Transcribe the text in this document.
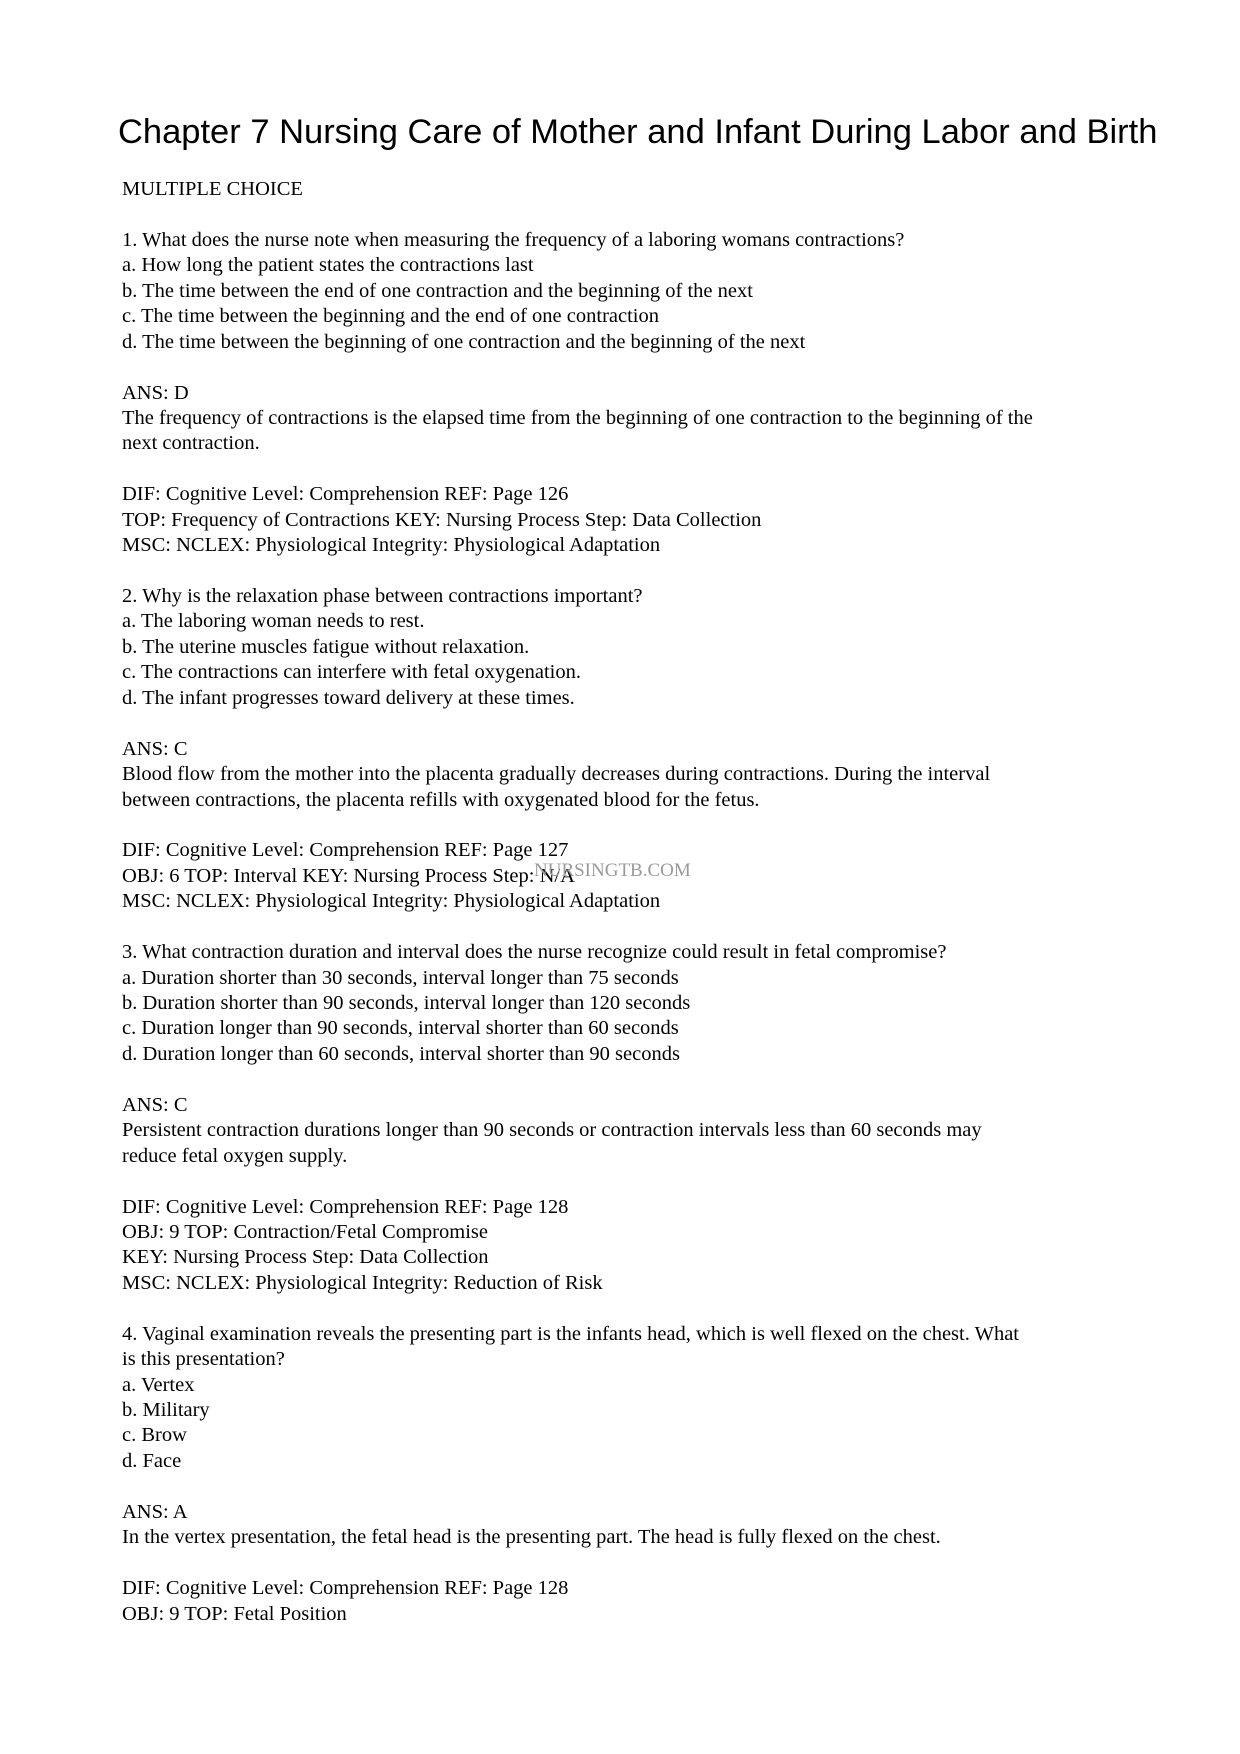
Chapter 7 Nursing Care of Mother and Infant During Labor and Birth
MULTIPLE CHOICE
1. What does the nurse note when measuring the frequency of a laboring womans contractions?
a. How long the patient states the contractions last
b. The time between the end of one contraction and the beginning of the next
c. The time between the beginning and the end of one contraction
d. The time between the beginning of one contraction and the beginning of the next
ANS: D
The frequency of contractions is the elapsed time from the beginning of one contraction to the beginning of the
next contraction.
DIF: Cognitive Level: Comprehension REF: Page 126
TOP: Frequency of Contractions KEY: Nursing Process Step: Data Collection
MSC: NCLEX: Physiological Integrity: Physiological Adaptation
2. Why is the relaxation phase between contractions important?
a. The laboring woman needs to rest.
b. The uterine muscles fatigue without relaxation.
c. The contractions can interfere with fetal oxygenation.
d. The infant progresses toward delivery at these times.
ANS: C
Blood flow from the mother into the placenta gradually decreases during contractions. During the interval
between contractions, the placenta refills with oxygenated blood for the fetus.
DIF: Cognitive Level: Comprehension REF: Page 127
OBJ: 6 TOP: Interval KEY: Nursing Process Step: N/A
MSC: NCLEX: Physiological Integrity: Physiological Adaptation
3. What contraction duration and interval does the nurse recognize could result in fetal compromise?
a. Duration shorter than 30 seconds, interval longer than 75 seconds
b. Duration shorter than 90 seconds, interval longer than 120 seconds
c. Duration longer than 90 seconds, interval shorter than 60 seconds
d. Duration longer than 60 seconds, interval shorter than 90 seconds
ANS: C
Persistent contraction durations longer than 90 seconds or contraction intervals less than 60 seconds may
reduce fetal oxygen supply.
DIF: Cognitive Level: Comprehension REF: Page 128
OBJ: 9 TOP: Contraction/Fetal Compromise
KEY: Nursing Process Step: Data Collection
MSC: NCLEX: Physiological Integrity: Reduction of Risk
4. Vaginal examination reveals the presenting part is the infants head, which is well flexed on the chest. What
is this presentation?
a. Vertex
b. Military
c. Brow
d. Face
ANS: A
In the vertex presentation, the fetal head is the presenting part. The head is fully flexed on the chest.
DIF: Cognitive Level: Comprehension REF: Page 128
OBJ: 9 TOP: Fetal Position
NURSINGTB.COM
